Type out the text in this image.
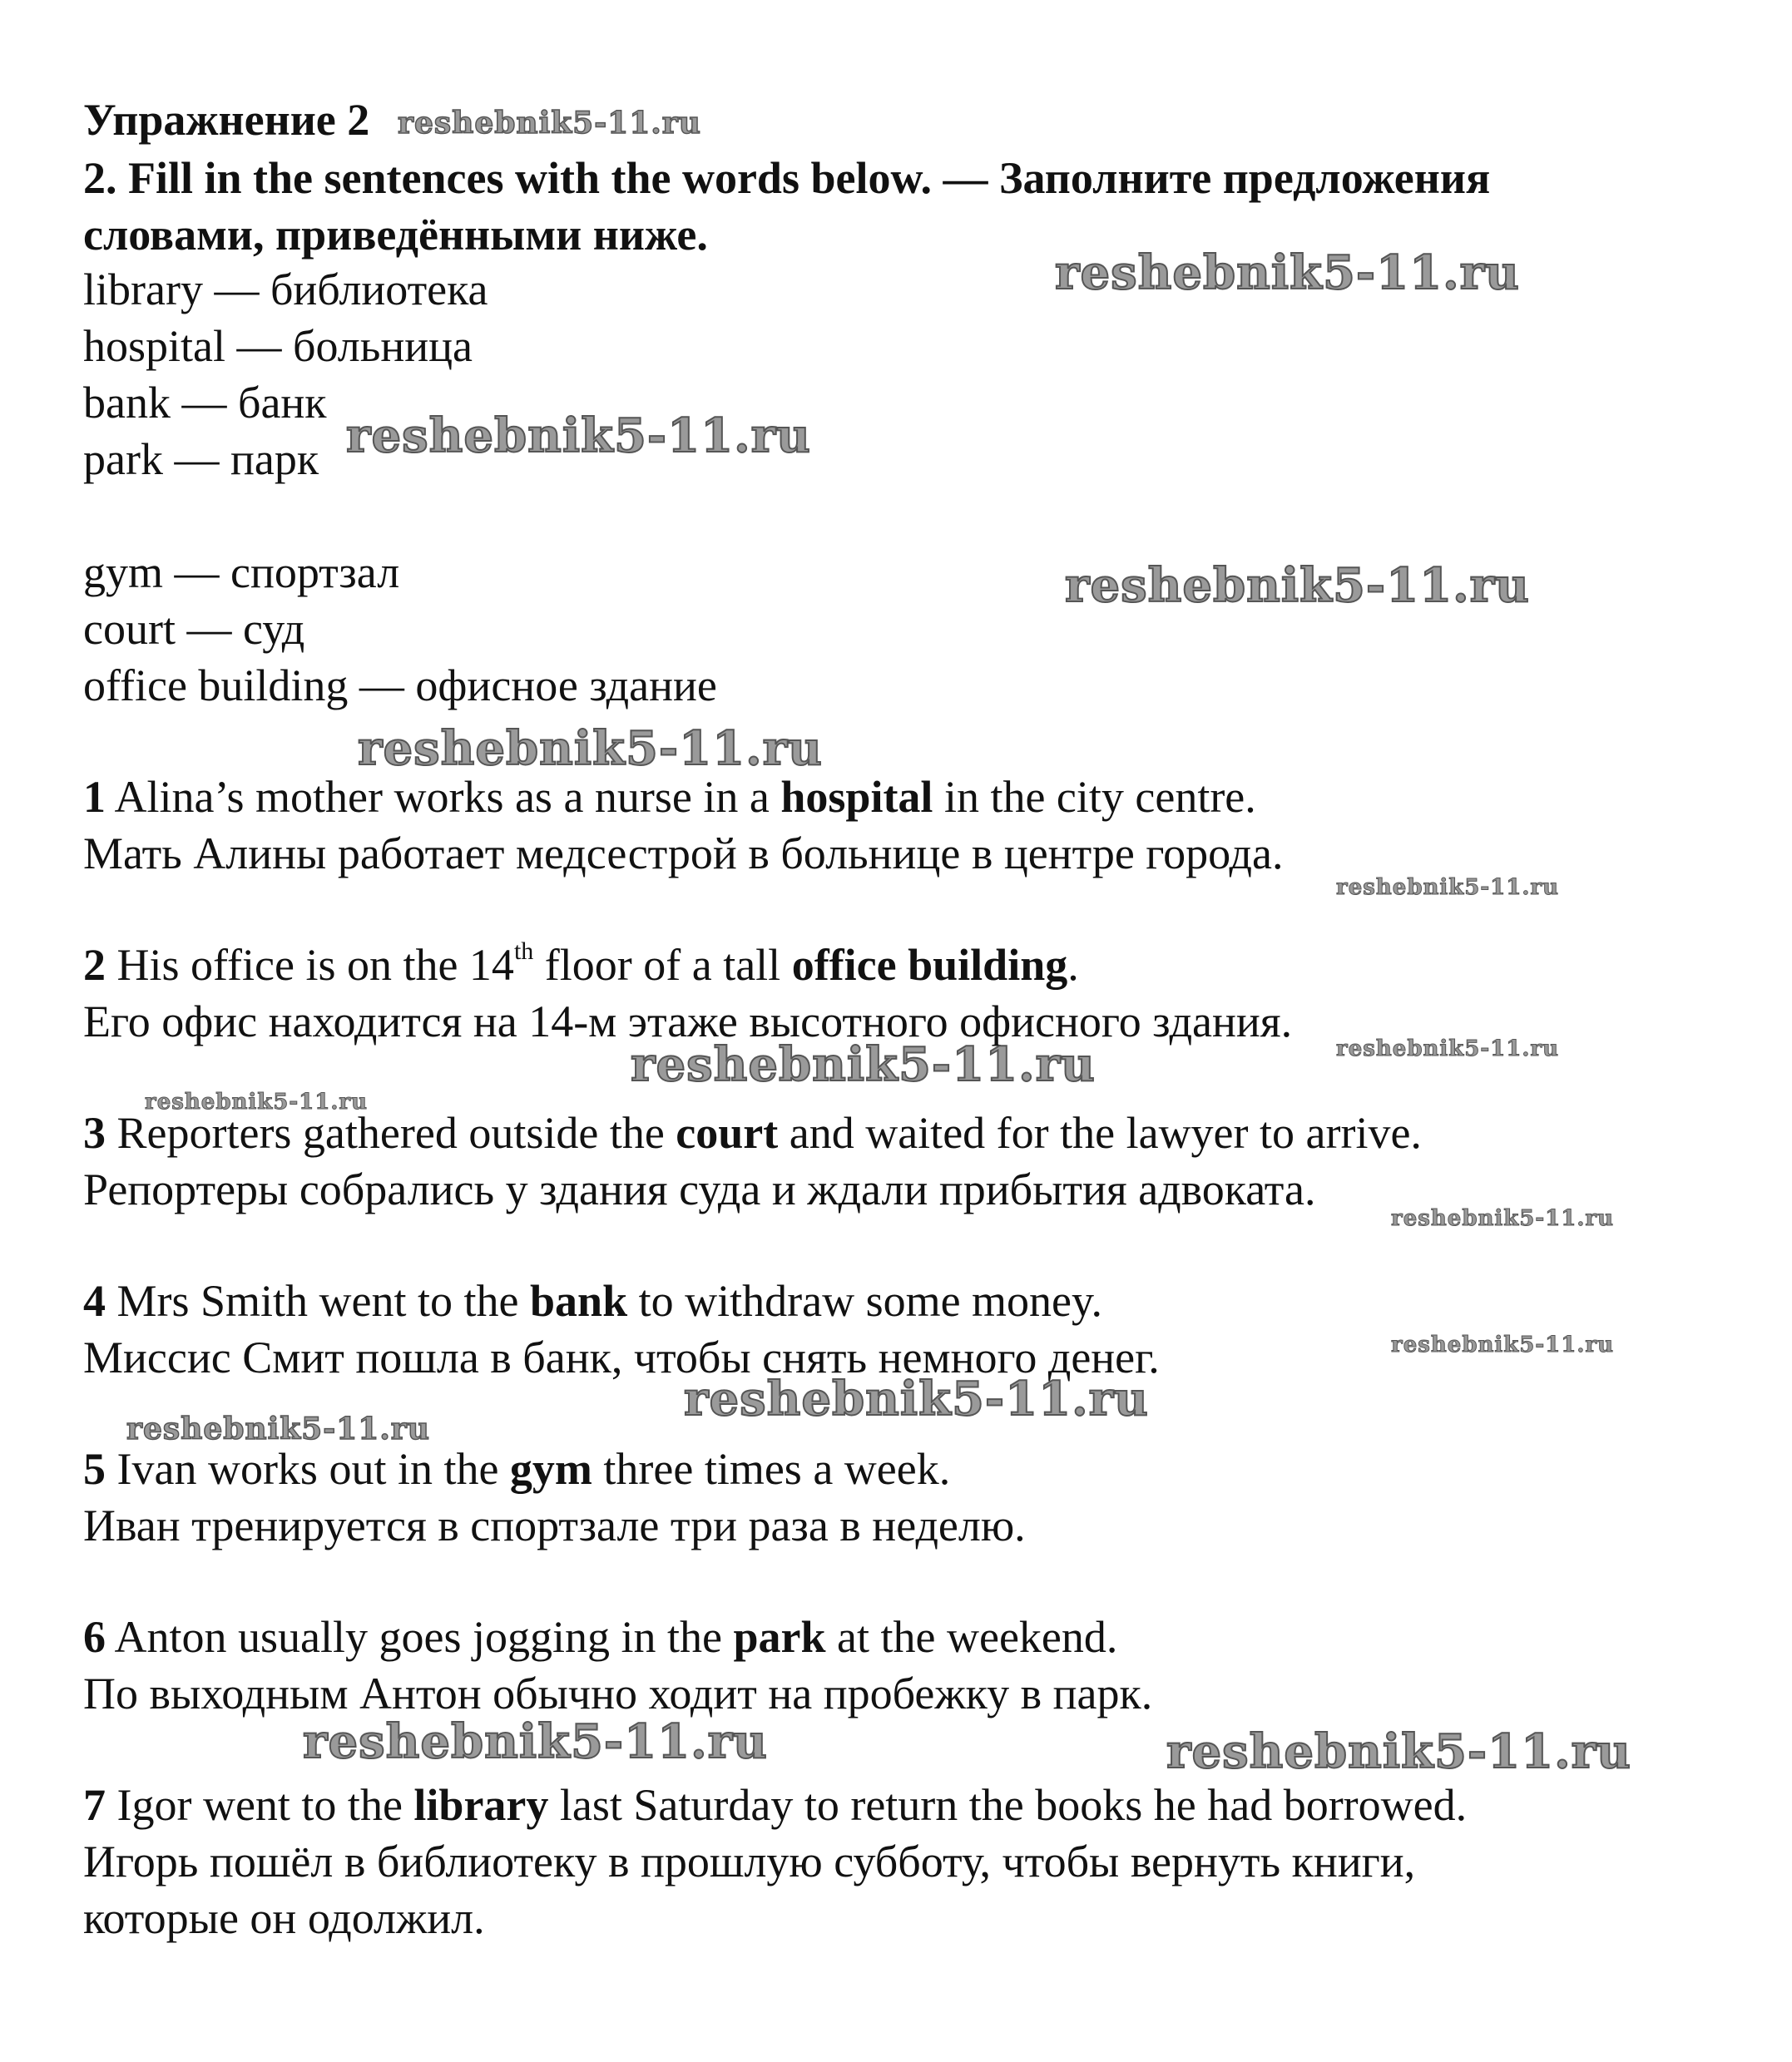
Упражнение 2
2. Fill in the sentences with the words below. — Заполните предложения
словами, приведёнными ниже.
library — библиотека
hospital — больница
bank — банк
park — парк
gym — спортзал
court — суд
office building — офисное здание
1 Alina’s mother works as a nurse in a hospital in the city centre.
Мать Алины работает медсестрой в больнице в центре города.
2 His office is on the 14th floor of a tall office building.
Его офис находится на 14-м этаже высотного офисного здания.
3 Reporters gathered outside the court and waited for the lawyer to arrive.
Репортеры собрались у здания суда и ждали прибытия адвоката.
4 Mrs Smith went to the bank to withdraw some money.
Миссис Смит пошла в банк, чтобы снять немного денег.
5 Ivan works out in the gym three times a week.
Иван тренируется в спортзале три раза в неделю.
6 Anton usually goes jogging in the park at the weekend.
По выходным Антон обычно ходит на пробежку в парк.
7 Igor went to the library last Saturday to return the books he had borrowed.
Игорь пошёл в библиотеку в прошлую субботу, чтобы вернуть книги,
которые он одолжил.
reshebnik5-11.ru
reshebnik5-11.ru
reshebnik5-11.ru
reshebnik5-11.ru
reshebnik5-11.ru
reshebnik5-11.ru
reshebnik5-11.ru
reshebnik5-11.ru
reshebnik5-11.ru
reshebnik5-11.ru
reshebnik5-11.ru
reshebnik5-11.ru
reshebnik5-11.ru
reshebnik5-11.ru	reshebnik5-11.ru
